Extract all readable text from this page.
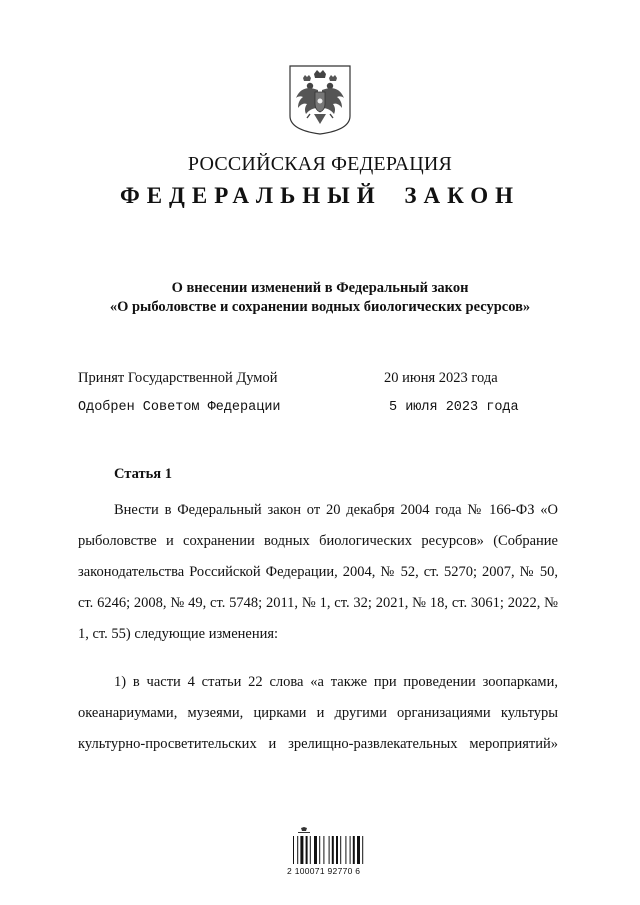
РОССИЙСКАЯ ФЕДЕРАЦИЯ
ФЕДЕРАЛЬНЫЙ ЗАКОН
О внесении изменений в Федеральный закон
«О рыболовстве и сохранении водных биологических ресурсов»
Принят Государственной Думой	20 июня 2023 года
Одобрен Советом Федерации	5 июля 2023 года
Статья 1
Внести в Федеральный закон от 20 декабря 2004 года № 166-ФЗ «О рыболовстве и сохранении водных биологических ресурсов» (Собрание законодательства Российской Федерации, 2004, № 52, ст. 5270; 2007, № 50, ст. 6246; 2008, № 49, ст. 5748; 2011, № 1, ст. 32; 2021, № 18, ст. 3061; 2022, № 1, ст. 55) следующие изменения:
1) в части 4 статьи 22 слова «а также при проведении зоопарками, океанариумами, музеями, цирками и другими организациями культуры культурно-просветительских и зрелищно-развлекательных мероприятий»
2 100071 92770 6
